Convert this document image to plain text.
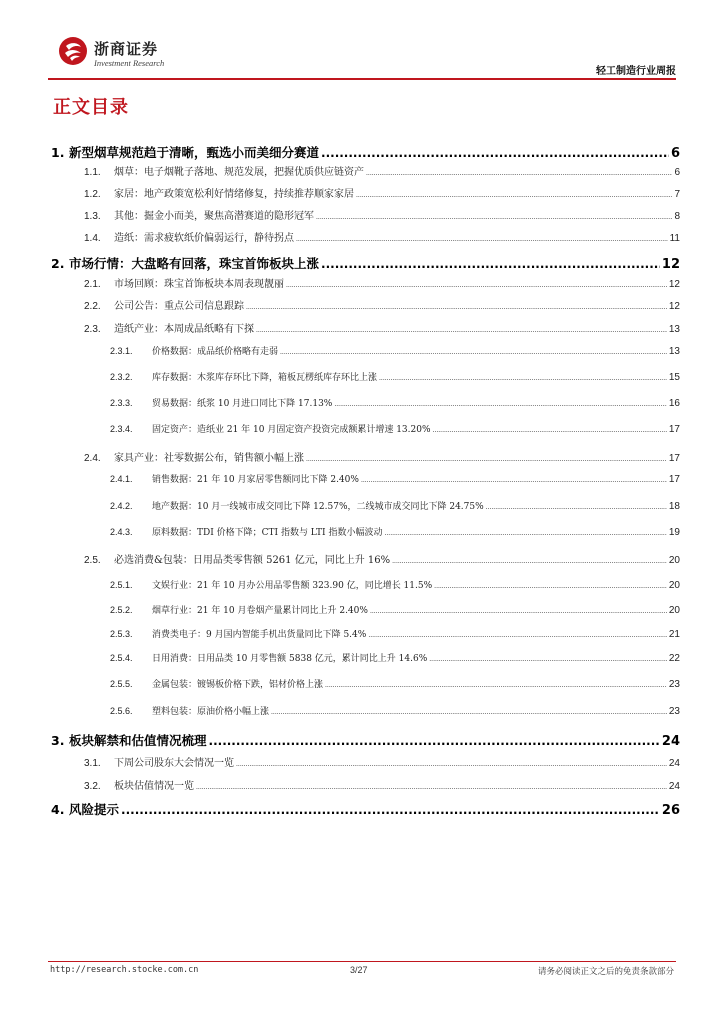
浙商证券
Investment Research
轻工制造行业周报
正文目录
1. 新型烟草规范趋于清晰，甄选小而美细分赛道 .....	6
1.1.	烟草：电子烟靴子落地、规范发展，把握优质供应链资产 .....	6
1.2.	家居：地产政策宽松利好情绪修复，持续推荐顺家家居 .....	7
1.3.	其他：掘金小而美，聚焦高潜赛道的隐形冠军 .....	8
1.4.	造纸：需求疲软纸价偏弱运行，静待拐点 .....	11
2. 市场行情：大盘略有回落，珠宝首饰板块上涨 .....	12
2.1.	市场回顾：珠宝首饰板块本周表现靓丽 .....	12
2.2.	公司公告：重点公司信息跟踪 .....	12
2.3.	造纸产业：本周成品纸略有下探 .....	13
2.3.1.	价格数据：成品纸价格略有走弱 .....	13
2.3.2.	库存数据：木浆库存环比下降，箱板瓦楞纸库存环比上涨 .....	15
2.3.3.	贸易数据：纸浆 10 月进口同比下降 17.13% .....	16
2.3.4.	固定资产：造纸业 21 年 10 月固定资产投资完成额累计增速 13.20% .....	17
2.4.	家具产业：社零数据公布，销售额小幅上涨 .....	17
2.4.1.	销售数据：21 年 10 月家居零售额同比下降 2.40% .....	17
2.4.2.	地产数据：10 月一线城市成交同比下降 12.57%，二线城市成交同比下降 24.75% .....	18
2.4.3.	原料数据：TDI 价格下降；CTI 指数与 LTI 指数小幅波动 .....	19
2.5.	必选消费&包装：日用品类零售额 5261 亿元，同比上升 16% .....	20
2.5.1.	文娱行业：21 年 10 月办公用品零售额 323.90 亿，同比增长 11.5% .....	20
2.5.2.	烟草行业：21 年 10 月卷烟产量累计同比上升 2.40% .....	20
2.5.3.	消费类电子：9 月国内智能手机出货量同比下降 5.4% .....	21
2.5.4.	日用消费：日用品类 10 月零售额 5838 亿元，累计同比上升 14.6% .....	22
2.5.5.	金属包装：镀锡板价格下跌，铝材价格上涨 .....	23
2.5.6.	塑料包装：原油价格小幅上涨 .....	23
3. 板块解禁和估值情况梳理 .....	24
3.1.	下周公司股东大会情况一览 .....	24
3.2.	板块估值情况一览 .....	24
4. 风险提示 .....	26
http://research.stocke.com.cn	3/27	请务必阅读正文之后的免责条款部分
